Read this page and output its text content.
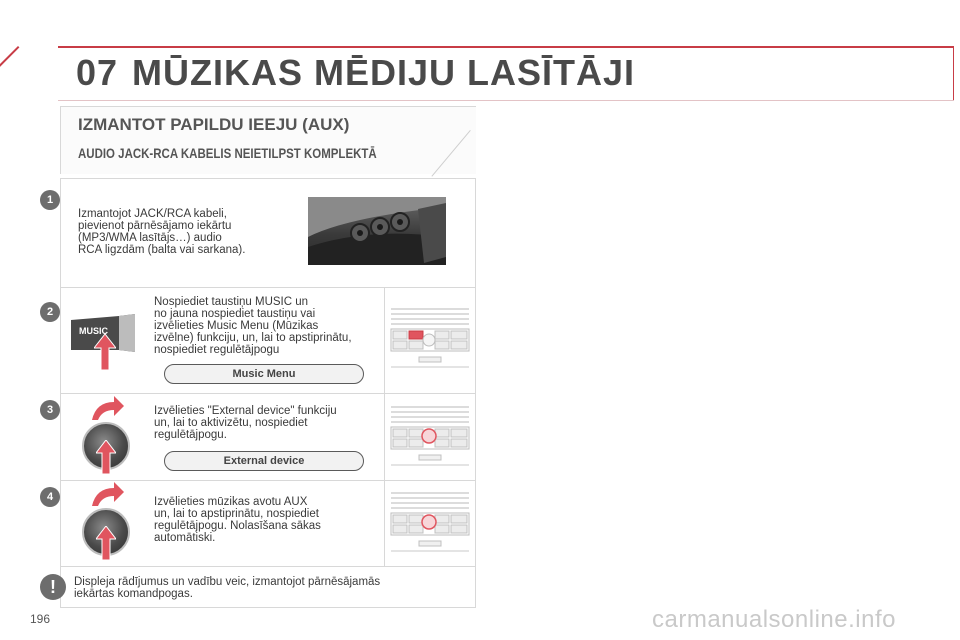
07 MŪZIKAS MĒDIJU LASĪTĀJI
IZMANTOT PAPILDU IEEJU (AUX)
AUDIO JACK-RCA KABELIS NEIETILPST KOMPLEKTĀ
1
Izmantojot JACK/RCA kabeli,
pievienot pārnēsājamo iekārtu
(MP3/WMA lasītājs…) audio
RCA ligzdām (balta vai sarkana).
2
MUSIC
Nospiediet taustiņu MUSIC un
no jauna nospiediet taustiņu vai
izvēlieties Music Menu (Mūzikas
izvēlne) funkciju, un, lai to apstiprinātu,
nospiediet regulētājpogu
Music Menu
3	Izvēlieties "External device" funkciju
un, lai to aktivizētu, nospiediet
regulētājpogu.
External device
4	Izvēlieties mūzikas avotu AUX
un, lai to apstiprinātu, nospiediet
regulētājpogu. Nolasīšana sākas
automātiski.
!	Displeja rādījumus un vadību veic, izmantojot pārnēsājamās
iekārtas komandpogas.
196	carmanualsonline.info
